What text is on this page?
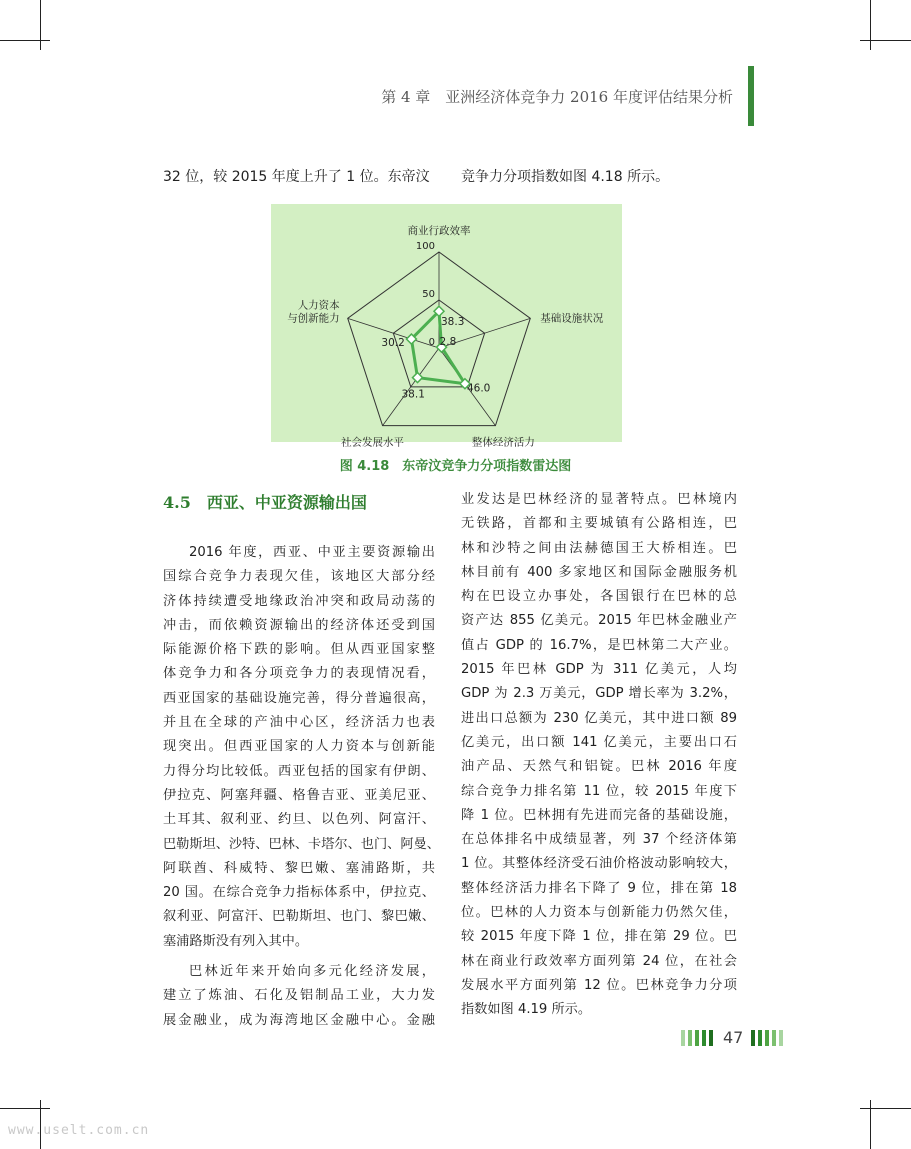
第 4 章　亚洲经济体竞争力 2016 年度评估结果分析
32 位，较 2015 年度上升了 1 位。东帝汶 竞争力分项指数如图 4.18 所示。
0
50
100
38.3
2.8
46.0
38.1
30.2
商业行政效率
基础设施状况
整体经济活力
社会发展水平
人力资本
与创新能力
图 4.18　东帝汶竞争力分项指数雷达图
4.5　西亚、中亚资源输出国
2016 年度，西亚、中亚主要资源输出
国综合竞争力表现欠佳，该地区大部分经
济体持续遭受地缘政治冲突和政局动荡的
冲击，而依赖资源输出的经济体还受到国
际能源价格下跌的影响。但从西亚国家整
体竞争力和各分项竞争力的表现情况看，
西亚国家的基础设施完善，得分普遍很高，
并且在全球的产油中心区，经济活力也表
现突出。但西亚国家的人力资本与创新能
力得分均比较低。西亚包括的国家有伊朗、
伊拉克、阿塞拜疆、格鲁吉亚、亚美尼亚、
土耳其、叙利亚、约旦、以色列、阿富汗、
巴勒斯坦、沙特、巴林、卡塔尔、也门、阿曼、
阿联酋、科威特、黎巴嫩、塞浦路斯，共
20 国。在综合竞争力指标体系中，伊拉克、
叙利亚、阿富汗、巴勒斯坦、也门、黎巴嫩、
塞浦路斯没有列入其中。
巴林近年来开始向多元化经济发展，
建立了炼油、石化及铝制品工业，大力发
展金融业，成为海湾地区金融中心。金融
业发达是巴林经济的显著特点。巴林境内
无铁路，首都和主要城镇有公路相连，巴
林和沙特之间由法赫德国王大桥相连。巴
林目前有 400 多家地区和国际金融服务机
构在巴设立办事处，各国银行在巴林的总
资产达 855 亿美元。2015 年巴林金融业产
值占 GDP 的 16.7%，是巴林第二大产业。
2015 年巴林 GDP 为 311 亿美元，人均
GDP 为 2.3 万美元，GDP 增长率为 3.2%，
进出口总额为 230 亿美元，其中进口额 89
亿美元，出口额 141 亿美元，主要出口石
油产品、天然气和铝锭。巴林 2016 年度
综合竞争力排名第 11 位，较 2015 年度下
降 1 位。巴林拥有先进而完备的基础设施，
在总体排名中成绩显著，列 37 个经济体第
1 位。其整体经济受石油价格波动影响较大，
整体经济活力排名下降了 9 位，排在第 18
位。巴林的人力资本与创新能力仍然欠佳，
较 2015 年度下降 1 位，排在第 29 位。巴
林在商业行政效率方面列第 24 位，在社会
发展水平方面列第 12 位。巴林竞争力分项
指数如图 4.19 所示。
47
www.uselt.com.cn
